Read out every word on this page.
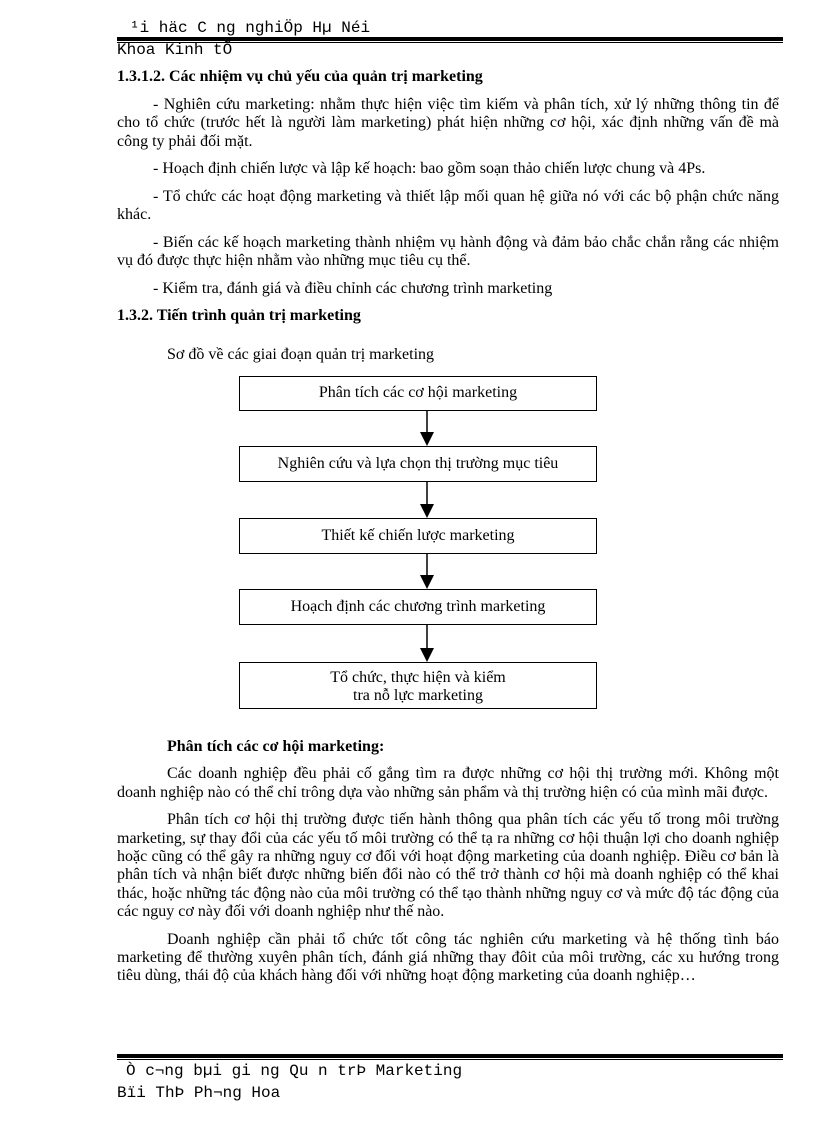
¹i häc C ng nghiÖp Hµ Néi
Khoa Kinh tÕ

1.3.1.2. Các nhiệm vụ chủ yếu của quản trị marketing

- Nghiên cứu marketing: nhằm thực hiện việc tìm kiếm và phân tích, xử lý những thông tin để cho tổ chức (trước hết là người làm marketing) phát hiện những cơ hội, xác định những vấn đề mà công ty phải đối mặt.

- Hoạch định chiến lược và lập kế hoạch: bao gồm soạn thảo chiến lược chung và 4Ps.

- Tổ chức các hoạt động marketing và thiết lập mối quan hệ giữa nó với các bộ phận chức năng khác.

- Biến các kế hoạch marketing thành nhiệm vụ hành động và đảm bảo chắc chắn rằng các nhiệm vụ đó được thực hiện nhằm vào những mục tiêu cụ thể.

- Kiểm tra, đánh giá và điều chỉnh các chương trình marketing

1.3.2. Tiến trình quản trị marketing

Sơ đồ về các giai đoạn quản trị marketing
Phân tích các cơ hội marketing
Nghiên cứu và lựa chọn thị trường mục tiêu
Thiết kế chiến lược marketing
Hoạch định các chương trình marketing
Tổ chức, thực hiện và kiểm tra nỗ lực marketing

Phân tích các cơ hội marketing:

Các doanh nghiệp đều phải cố gắng tìm ra được những cơ hội thị trường mới. Không một doanh nghiệp nào có thể chỉ trông dựa vào những sản phẩm và thị trường hiện có của mình mãi được.

Phân tích cơ hội thị trường được tiến hành thông qua phân tích các yếu tố trong môi trường marketing, sự thay đổi của các yếu tố môi trường có thể tạ ra những cơ hội thuận lợi cho doanh nghiệp hoặc cũng có thể gây ra những nguy cơ đối với hoạt động marketing của doanh nghiệp. Điều cơ bản là phân tích và nhận biết được những biến đổi nào có thể trở thành cơ hội mà doanh nghiệp có thể khai thác, hoặc những tác động nào của môi trường có thể tạo thành những nguy cơ và mức độ tác động của các nguy cơ này đối với doanh nghiệp như thế nào.

Doanh nghiệp cần phải tổ chức tốt công tác nghiên cứu marketing và hệ thống tình báo marketing để thường xuyên phân tích, đánh giá những thay đôit của môi trường, các xu hướng trong tiêu dùng, thái độ của khách hàng đối với những hoạt động marketing của doanh nghiệp…

Ò c¬ng bµi gi ng Qu n trÞ Marketing
Bïi ThÞ Ph¬ng Hoa
